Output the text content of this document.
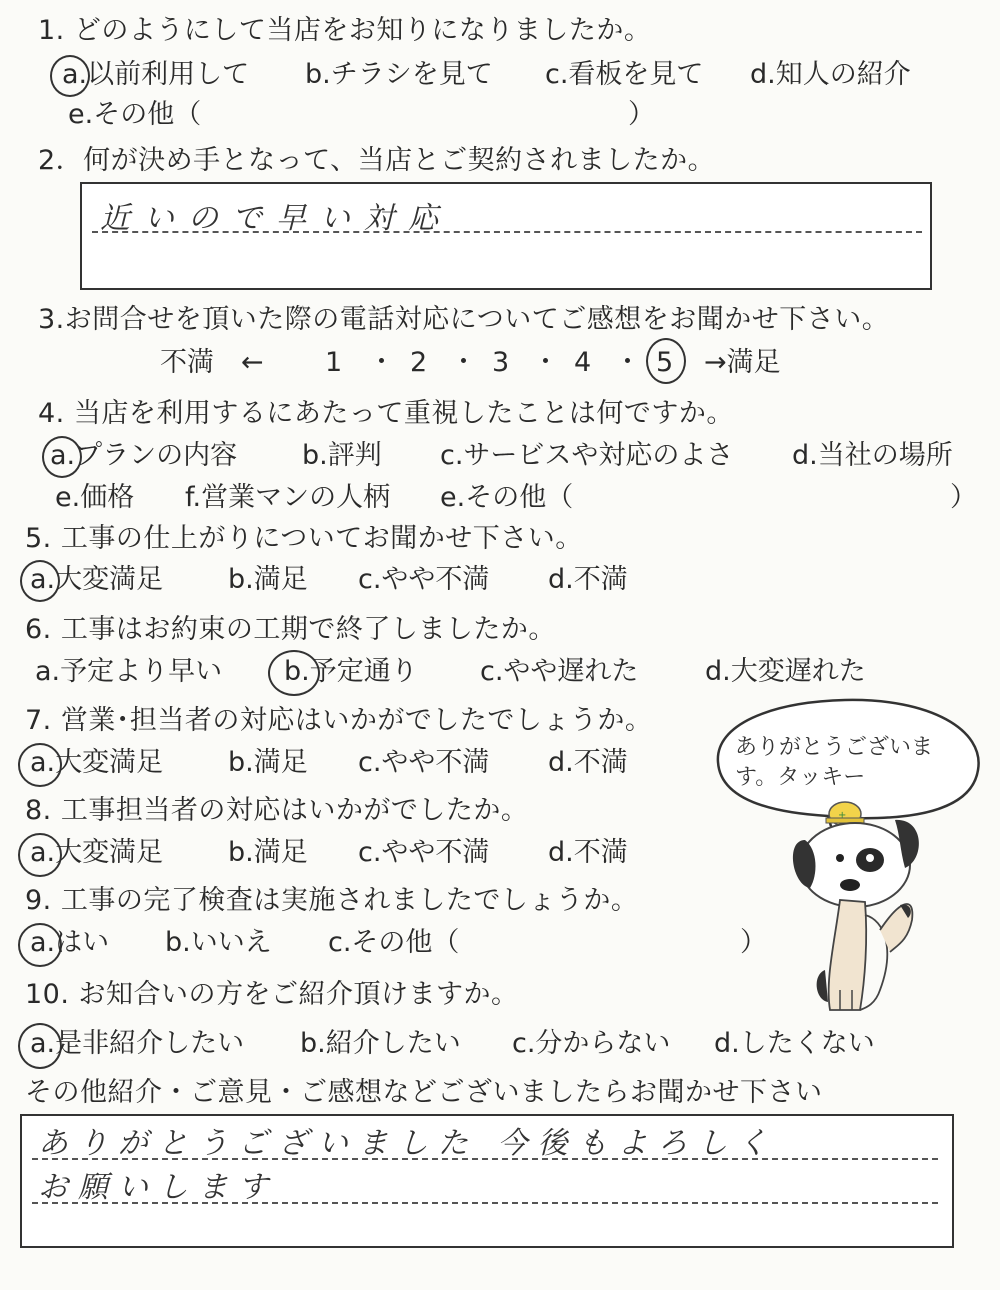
1. どのようにして当店をお知りになりましたか。
a.以前利用して b.チラシを見て c.看板を見て d.知人の紹介
e.その他（	）
2．何が決め手となって、当店とご契約されましたか。
近いので早い対応
3.お問合せを頂いた際の電話対応についてご感想をお聞かせ下さい。
不満　← 1 ・ 2 ・ 3 ・ 4 ・ 5 →満足
4. 当店を利用するにあたって重視したことは何ですか。
a.プランの内容 b.評判 c.サービスや対応のよさ d.当社の場所
e.価格 f.営業マンの人柄 e.その他（	）
5. 工事の仕上がりについてお聞かせ下さい。
a.大変満足 b.満足 c.やや不満 d.不満
6. 工事はお約束の工期で終了しましたか。
a.予定より早い b.予定通り c.やや遅れた d.大変遅れた
7. 営業･担当者の対応はいかがでしたでしょうか。
a.大変満足 b.満足 c.やや不満 d.不満
8. 工事担当者の対応はいかがでしたか。
a.大変満足 b.満足 c.やや不満 d.不満
9. 工事の完了検査は実施されましたでしょうか。
a.はい b.いいえ c.その他（	）
10. お知合いの方をご紹介頂けますか。
a.是非紹介したい b.紹介したい c.分からない d.したくない
その他紹介・ご意見・ご感想などございましたらお聞かせ下さい
ありがとうございました 今後もよろしく
お願いします
+
ありがとうございます。タッキー
